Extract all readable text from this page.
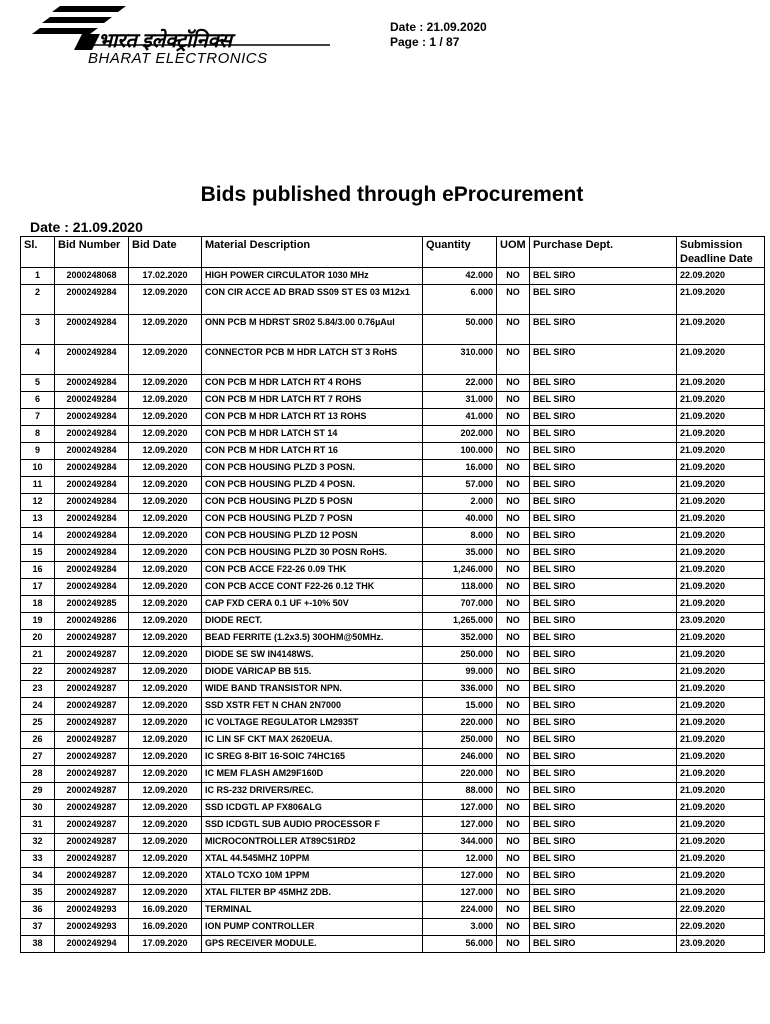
भारत इलेक्ट्रॉनिक्स
BHARAT ELECTRONICS
Date : 21.09.2020
Page : 1 / 87
Bids published through eProcurement
Date : 21.09.2020
Sl.	Bid Number	Bid Date	Material Description	Quantity	UOM	Purchase Dept.	Submission Deadline Date
1	2000248068	17.02.2020	HIGH POWER CIRCULATOR 1030 MHz	42.000	NO	BEL SIRO	22.09.2020
2	2000249284	12.09.2020	CON CIR ACCE AD BRAD SS09 ST ES 03 M12x1	6.000	NO	BEL SIRO	21.09.2020
3	2000249284	12.09.2020	ONN PCB M HDRST SR02 5.84/3.00 0.76µAul	50.000	NO	BEL SIRO	21.09.2020
4	2000249284	12.09.2020	CONNECTOR PCB M HDR LATCH ST 3 RoHS	310.000	NO	BEL SIRO	21.09.2020
5	2000249284	12.09.2020	CON PCB M HDR LATCH RT 4 ROHS	22.000	NO	BEL SIRO	21.09.2020
6	2000249284	12.09.2020	CON PCB M HDR LATCH RT 7 ROHS	31.000	NO	BEL SIRO	21.09.2020
7	2000249284	12.09.2020	CON PCB M HDR LATCH RT 13 ROHS	41.000	NO	BEL SIRO	21.09.2020
8	2000249284	12.09.2020	CON PCB M HDR LATCH ST 14	202.000	NO	BEL SIRO	21.09.2020
9	2000249284	12.09.2020	CON PCB M HDR LATCH RT 16	100.000	NO	BEL SIRO	21.09.2020
10	2000249284	12.09.2020	CON PCB HOUSING PLZD 3 POSN.	16.000	NO	BEL SIRO	21.09.2020
11	2000249284	12.09.2020	CON PCB HOUSING PLZD 4 POSN.	57.000	NO	BEL SIRO	21.09.2020
12	2000249284	12.09.2020	CON PCB HOUSING PLZD 5 POSN	2.000	NO	BEL SIRO	21.09.2020
13	2000249284	12.09.2020	CON PCB HOUSING PLZD 7 POSN	40.000	NO	BEL SIRO	21.09.2020
14	2000249284	12.09.2020	CON PCB HOUSING PLZD 12 POSN	8.000	NO	BEL SIRO	21.09.2020
15	2000249284	12.09.2020	CON PCB HOUSING PLZD 30 POSN RoHS.	35.000	NO	BEL SIRO	21.09.2020
16	2000249284	12.09.2020	CON PCB ACCE F22-26 0.09 THK	1,246.000	NO	BEL SIRO	21.09.2020
17	2000249284	12.09.2020	CON PCB ACCE CONT F22-26 0.12 THK	118.000	NO	BEL SIRO	21.09.2020
18	2000249285	12.09.2020	CAP FXD CERA 0.1 UF +-10% 50V	707.000	NO	BEL SIRO	21.09.2020
19	2000249286	12.09.2020	DIODE RECT.	1,265.000	NO	BEL SIRO	23.09.2020
20	2000249287	12.09.2020	BEAD FERRITE (1.2x3.5) 30OHM@50MHz.	352.000	NO	BEL SIRO	21.09.2020
21	2000249287	12.09.2020	DIODE SE SW IN4148WS.	250.000	NO	BEL SIRO	21.09.2020
22	2000249287	12.09.2020	DIODE VARICAP BB 515.	99.000	NO	BEL SIRO	21.09.2020
23	2000249287	12.09.2020	WIDE BAND TRANSISTOR NPN.	336.000	NO	BEL SIRO	21.09.2020
24	2000249287	12.09.2020	SSD XSTR FET N CHAN 2N7000	15.000	NO	BEL SIRO	21.09.2020
25	2000249287	12.09.2020	IC VOLTAGE REGULATOR LM2935T	220.000	NO	BEL SIRO	21.09.2020
26	2000249287	12.09.2020	IC LIN SF CKT MAX 2620EUA.	250.000	NO	BEL SIRO	21.09.2020
27	2000249287	12.09.2020	IC SREG 8-BIT 16-SOIC 74HC165	246.000	NO	BEL SIRO	21.09.2020
28	2000249287	12.09.2020	IC MEM FLASH AM29F160D	220.000	NO	BEL SIRO	21.09.2020
29	2000249287	12.09.2020	IC RS-232 DRIVERS/REC.	88.000	NO	BEL SIRO	21.09.2020
30	2000249287	12.09.2020	SSD ICDGTL AP FX806ALG	127.000	NO	BEL SIRO	21.09.2020
31	2000249287	12.09.2020	SSD ICDGTL SUB AUDIO PROCESSOR F	127.000	NO	BEL SIRO	21.09.2020
32	2000249287	12.09.2020	MICROCONTROLLER AT89C51RD2	344.000	NO	BEL SIRO	21.09.2020
33	2000249287	12.09.2020	XTAL 44.545MHZ 10PPM	12.000	NO	BEL SIRO	21.09.2020
34	2000249287	12.09.2020	XTALO TCXO 10M 1PPM	127.000	NO	BEL SIRO	21.09.2020
35	2000249287	12.09.2020	XTAL FILTER BP 45MHZ 2DB.	127.000	NO	BEL SIRO	21.09.2020
36	2000249293	16.09.2020	TERMINAL	224.000	NO	BEL SIRO	22.09.2020
37	2000249293	16.09.2020	ION PUMP CONTROLLER	3.000	NO	BEL SIRO	22.09.2020
38	2000249294	17.09.2020	GPS RECEIVER MODULE.	56.000	NO	BEL SIRO	23.09.2020
